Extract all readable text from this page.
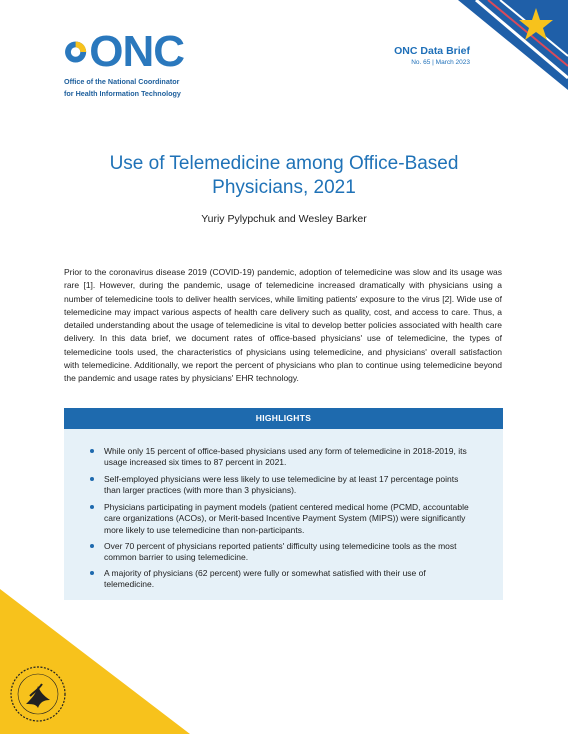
ONC
Office of the National Coordinator
for Health Information Technology
ONC Data Brief
No. 65 | March 2023
Use of Telemedicine among Office-Based
Physicians, 2021
Yuriy Pylypchuk and Wesley Barker

Prior to the coronavirus disease 2019 (COVID-19) pandemic, adoption of telemedicine was slow and its usage was rare [1]. However, during the pandemic, usage of telemedicine increased dramatically with physicians using a number of telemedicine tools to deliver health services, while limiting patients' exposure to the virus [2]. Wide use of telemedicine may impact various aspects of health care delivery such as quality, cost, and access to care. Thus, a detailed understanding about the usage of telemedicine is vital to develop better policies associated with health care delivery. In this data brief, we document rates of office-based physicians' use of telemedicine, the types of telemedicine tools used, the characteristics of physicians using telemedicine, and physicians' overall satisfaction with telemedicine. Additionally, we report the percent of physicians who plan to continue using telemedicine beyond the pandemic and usage rates by physicians' EHR technology.

HIGHLIGHTS
While only 15 percent of office-based physicians used any form of telemedicine in 2018-2019, its usage increased six times to 87 percent in 2021.
Self-employed physicians were less likely to use telemedicine by at least 17 percentage points than larger practices (with more than 3 physicians).
Physicians participating in payment models (patient centered medical home (PCMD, accountable care organizations (ACOs), or Merit-based Incentive Payment System (MIPS)) were significantly more likely to use telemedicine than non-participants.
Over 70 percent of physicians reported patients' difficulty using telemedicine tools as the most common barrier to using telemedicine.
A majority of physicians (62 percent) were fully or somewhat satisfied with their use of telemedicine.
